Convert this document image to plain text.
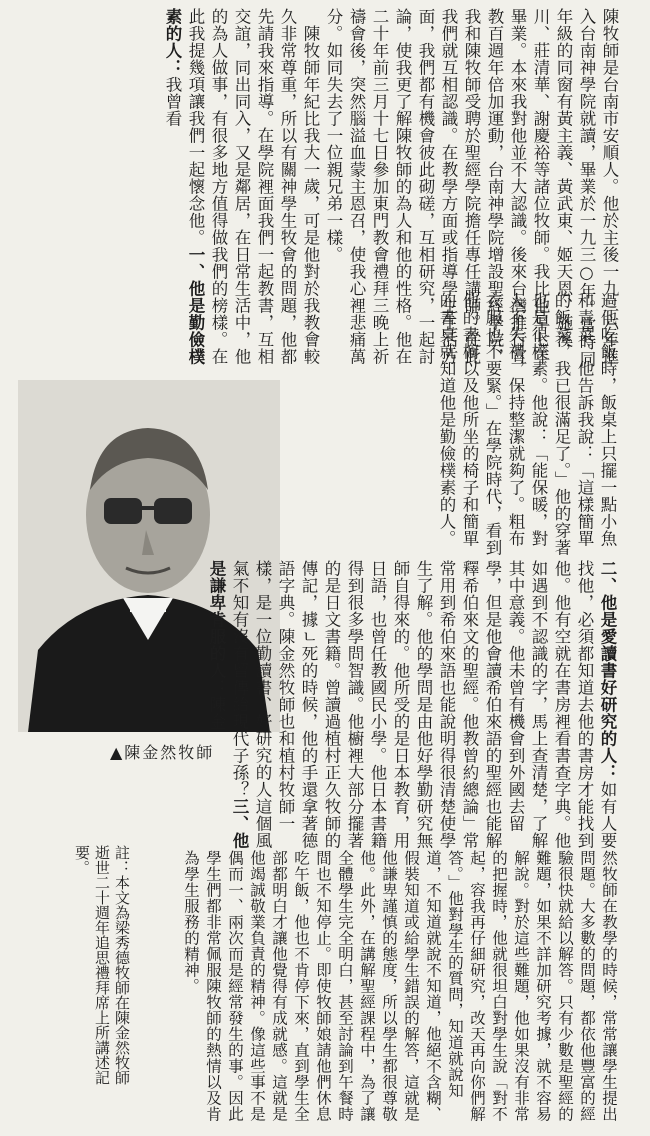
陳牧師是台南市安順人。他於主後一九二六年進入台南神學院就讀，畢業於一九三○年。當時同年級的同窗有黃主義、黃武東、姬天恩、施溪川、莊清華、謝慶裕等諸位牧師。我比他早七年畢業。本來我對他並不大認識。後來台灣推行宣教百週年倍加運動，台南神學院增設聖經學院，我和陳牧師受聘於聖經學院擔任專任講師。從此我們就互相認識。在教學方面或指導學生生活方面，我們都有機會彼此砌磋，互相研究，一起討論，使我更了解陳牧師的為人和他的性格。他在二十年前三月十七日參加東門教會禮拜三晚上祈禱會後，突然腦溢血蒙主恩召，使我心裡悲痛萬分。如同失去了一位親兄弟一樣。
　陳牧師年紀比我大一歲，可是他對於我教會較久非常尊重，所以有關神學生牧會的問題，他都先請我來指導。在學院裡面我們一起教書，互相交誼，同出同入，又是鄰居，在日常生活中，他的為人做事，有很多地方值得做我們的榜樣。在此我提幾項讓我們一起懷念他。一、他是勤儉樸素的人：我曾看

過他吃飯時，飯桌上只擺一點小魚和青菜。他告訴我說：「這樣簡單的飯菜，我已很滿足了。」他的穿著也是很樸素。他說：「能保暖，對人不失禮，保持整潔就夠了。粗布衣服也不要緊。」在學院時代，看到他的書櫥以及他所坐的椅子和簡單的書桌就知道他是勤儉樸素的人。

▲陳金然牧師	二、他是愛讀書好研究的人：如有人要找他，必須都知道去他的書房才能找到他。他有空就在書房裡看書查字典。他如遇到不認識的字，馬上查清楚，了解其中意義。他未曾有機會到外國去留學，但是他會讀希伯來語的聖經也能解釋希伯來文的聖經。他教曾約總論」常常用到希伯來語也能說明得很清楚使學生了解。他的學問是由他好學勤研究無師自得來的。他所受的是日本教育，用日語，也曾任教國民小學。他日本書籍得到很多學問智識。他櫥裡大部分擺著的是日文書籍。曾讀過植村正久牧師的傳記，據ㄴ死的時候，他的手還拿著德語字典。陳金然牧師也和植村牧師一樣，是一位勤讀書、好研究的人這個風氣不知有沒有留傳給現代子孫？三、他是謙卑肯服的人：陳金

然牧師在教學的時候，常常讓學生提出問題。大多數的問題，都依他豐富的經驗很快就給以解答。只有少數是聖經的難題，如果不詳加研究考據，就不容易解說。對於這些難題，他如果沒有非常的把握時，他就很坦白對學生說「對不起，容我再仔細研究，改天再向你們解答。」他對學生的質問，知道就說知道，不知道就說不知道，他絕不含糊、假裝知道或給學生錯誤的解答，這就是他謙卑謹慎的態度，所以學生都很尊敬他。此外，在講解聖經課程中，為了讓全體學生完全明白，甚至討論到午餐時間也不知停止。即使牧師娘請他們休息吃午飯，他也不肯停下來，直到學生全部都明白才讓他覺得有成就感。這就是他竭誠敬業負責的精神。像這些事不是偶而一、兩次而是經常發生的事。因此學生們都非常佩服陳牧師的熱情以及肯為學生服務的精神。

註：本文為梁秀德牧師在陳金然牧師逝世二十週年追思禮拜席上所講述記要。
